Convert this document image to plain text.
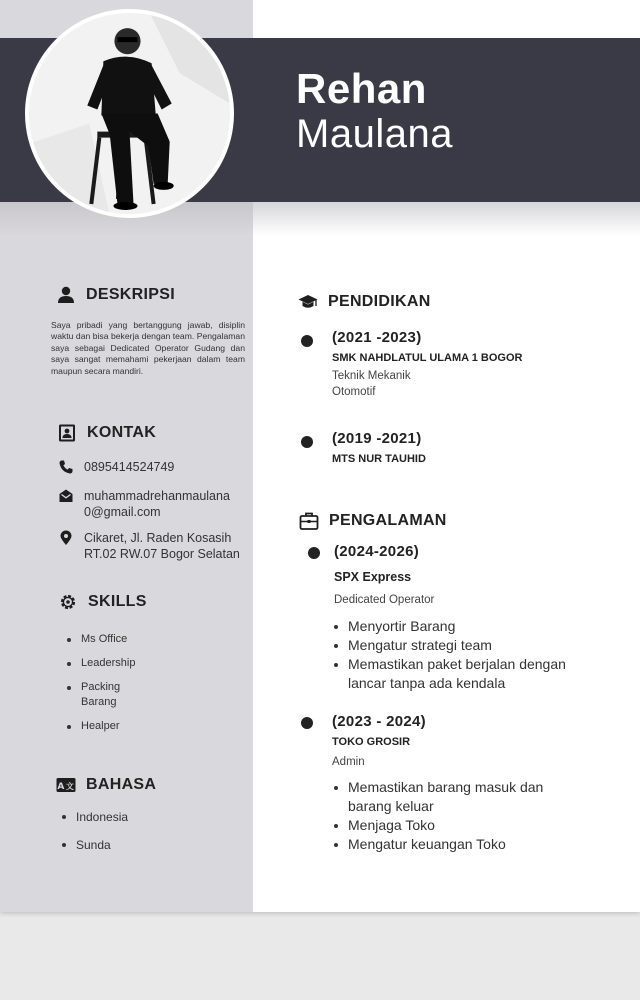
Rehan
Maulana
DESKRIPSI

Saya pribadi yang bertanggung jawab, disiplin waktu dan bisa bekerja dengan team. Pengalaman saya sebagai Dedicated Operator Gudang dan saya sangat memahami pekerjaan dalam team maupun secara mandiri.

KONTAK
0895414524749
muhammadrehanmaulana
0@gmail.com
Cikaret, Jl. Raden Kosasih
RT.02 RW.07 Bogor Selatan
SKILLS
Ms Office
Leadership
Packing
Barang
Healper
A 文 BAHASA
Indonesia
Sunda
PENDIDIKAN
(2021 -2023)
SMK NAHDLATUL ULAMA 1 BOGOR
Teknik Mekanik
Otomotif
(2019 -2021)
MTS NUR TAUHID
PENGALAMAN
(2024-2026)
SPX Express
Dedicated Operator
Menyortir Barang
Mengatur strategi team
Memastikan paket berjalan dengan
lancar tanpa ada kendala
(2023 - 2024)
TOKO GROSIR
Admin
Memastikan barang masuk dan
barang keluar
Menjaga Toko
Mengatur keuangan Toko
